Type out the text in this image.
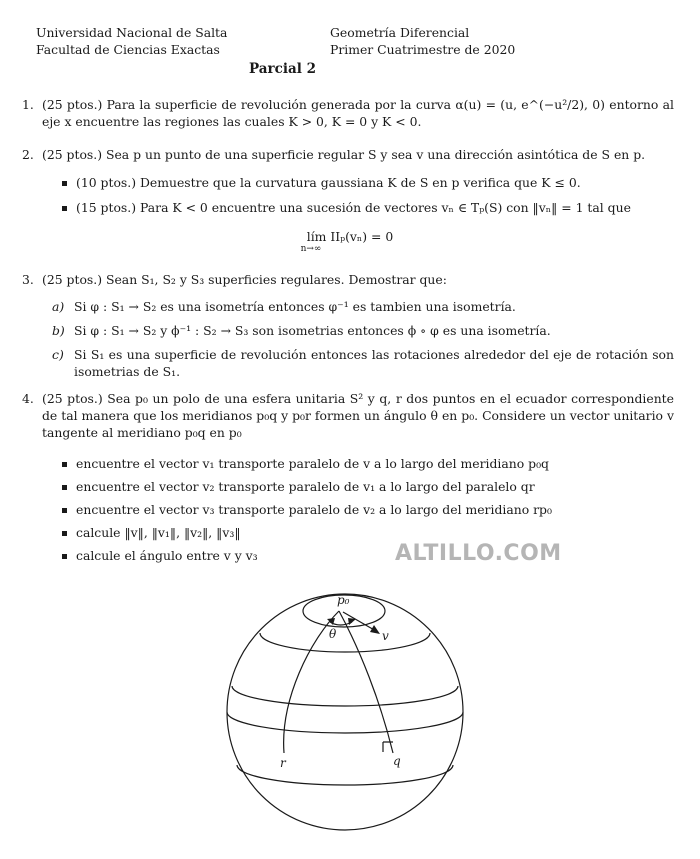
Universidad Nacional de Salta
Facultad de Ciencias Exactas
Geometría Diferencial
Primer Cuatrimestre de 2020
Parcial 2
1. (25 ptos.) Para la superficie de revolución generada por la curva α(u) = (u, e^(−u²/2), 0) entorno al eje x encuentre las regiones las cuales K > 0, K = 0 y K < 0.
2. (25 ptos.) Sea p un punto de una superficie regular S y sea v una dirección asintótica de S en p.
(10 ptos.) Demuestre que la curvatura gaussiana K de S en p verifica que K ≤ 0.
(15 ptos.) Para K < 0 encuentre una sucesión de vectores vₙ ∈ Tₚ(S) con ‖vₙ‖ = 1 tal que
lím IIₚ(vₙ) = 0
n→∞
3. (25 ptos.) Sean S₁, S₂ y S₃ superficies regulares. Demostrar que:
a) Si φ : S₁ → S₂ es una isometría entonces φ⁻¹ es tambien una isometría.
b) Si φ : S₁ → S₂ y ϕ⁻¹ : S₂ → S₃ son isometrias entonces ϕ ∘ φ es una isometría.
c) Si S₁ es una superficie de revolución entonces las rotaciones alrededor del eje de rotación son isometrias de S₁.
4. (25 ptos.) Sea p₀ un polo de una esfera unitaria S² y q, r dos puntos en el ecuador correspondiente de tal manera que los meridianos p₀q y p₀r formen un ángulo θ en p₀. Considere un vector unitario v tangente al meridiano p₀q en p₀
encuentre el vector v₁ transporte paralelo de v a lo largo del meridiano p₀q
encuentre el vector v₂ transporte paralelo de v₁ a lo largo del paralelo qr
encuentre el vector v₃ transporte paralelo de v₂ a lo largo del meridiano rp₀
calcule ‖v‖, ‖v₁‖, ‖v₂‖, ‖v₃‖
calcule el ángulo entre v y v₃	ALTILLO.COM
p₀
θ	v
r	q
